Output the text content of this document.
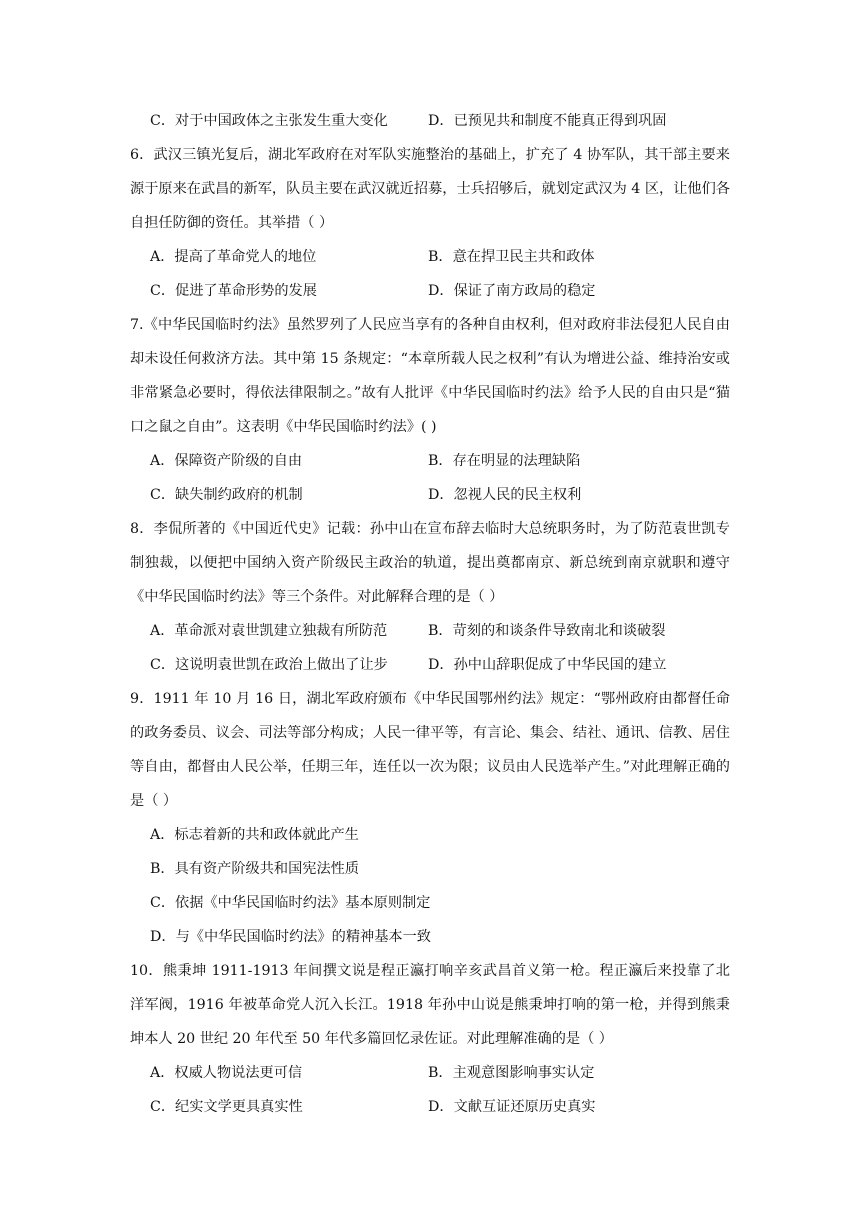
C．对于中国政体之主张发生重大变化	D．已预见共和制度不能真正得到巩固
6．武汉三镇光复后，湖北军政府在对军队实施整治的基础上，扩充了 4 协军队，其干部主要来源于原来在武昌的新军，队员主要在武汉就近招募，士兵招够后，就划定武汉为 4 区，让他们各自担任防御的资任。其举措（ ）
A．提高了革命党人的地位	B．意在捍卫民主共和政体
C．促进了革命形势的发展	D．保证了南方政局的稳定
7.《中华民国临时约法》虽然罗列了人民应当享有的各种自由权利，但对政府非法侵犯人民自由却未设任何救济方法。其中第 15 条规定：“本章所载人民之权利”有认为增进公益、维持治安或非常紧急必要时，得依法律限制之。”故有人批评《中华民国临时约法》给予人民的自由只是“猫口之鼠之自由”。这表明《中华民国临时约法》( )
A．保障资产阶级的自由	B．存在明显的法理缺陷
C．缺失制约政府的机制	D．忽视人民的民主权利
8．李侃所著的《中国近代史》记载：孙中山在宣布辞去临时大总统职务时，为了防范袁世凯专制独裁，以便把中国纳入资产阶级民主政治的轨道，提出奠都南京、新总统到南京就职和遵守《中华民国临时约法》等三个条件。对此解释合理的是（ ）
A．革命派对袁世凯建立独裁有所防范	B．苛刻的和谈条件导致南北和谈破裂
C．这说明袁世凯在政治上做出了让步	D．孙中山辞职促成了中华民国的建立
9．1911 年 10 月 16 日，湖北军政府颁布《中华民国鄂州约法》规定：“鄂州政府由都督任命的政务委员、议会、司法等部分构成；人民一律平等，有言论、集会、结社、通讯、信教、居住等自由，都督由人民公举，任期三年，连任以一次为限；议员由人民选举产生。”对此理解正确的是（ ）
A．标志着新的共和政体就此产生
B．具有资产阶级共和国宪法性质
C．依据《中华民国临时约法》基本原则制定
D．与《中华民国临时约法》的精神基本一致
10．熊秉坤 1911-1913 年间撰文说是程正瀛打响辛亥武昌首义第一枪。程正瀛后来投靠了北洋军阀，1916 年被革命党人沉入长江。1918 年孙中山说是熊秉坤打响的第一枪，并得到熊秉坤本人 20 世纪 20 年代至 50 年代多篇回忆录佐证。对此理解准确的是（ ）
A．权威人物说法更可信	B．主观意图影响事实认定
C．纪实文学更具真实性	D．文献互证还原历史真实
